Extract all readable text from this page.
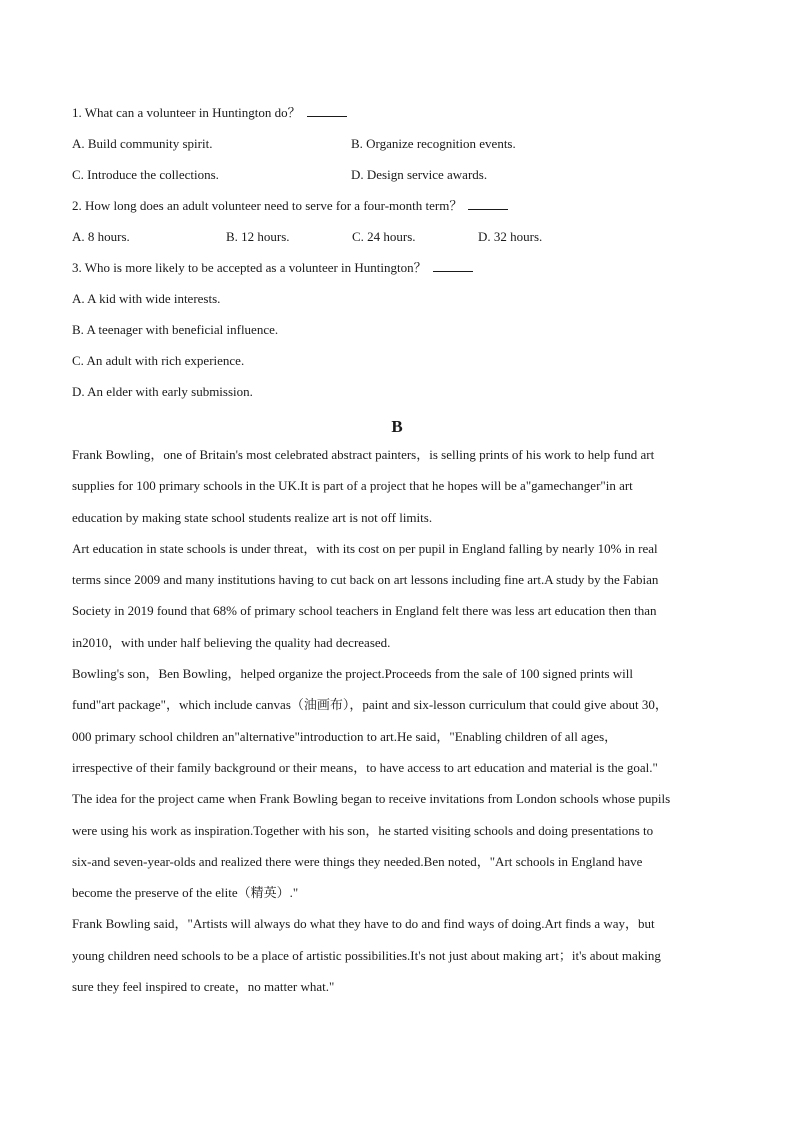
1. What can a volunteer in Huntington do？
A. Build community spirit.	B. Organize recognition events.
C. Introduce the collections.	D. Design service awards.
2. How long does an adult volunteer need to serve for a four-month term？
A. 8 hours.	B. 12 hours.	C. 24 hours.	D. 32 hours.
3. Who is more likely to be accepted as a volunteer in Huntington？
A. A kid with wide interests.
B. A teenager with beneficial influence.
C. An adult with rich experience.
D. An elder with early submission.
B
Frank Bowling，one of Britain's most celebrated abstract painters，is selling prints of his work to help fund art
supplies for 100 primary schools in the UK.It is part of a project that he hopes will be a"gamechanger"in art
education by making state school students realize art is not off limits.
Art education in state schools is under threat，with its cost on per pupil in England falling by nearly 10% in real
terms since 2009 and many institutions having to cut back on art lessons including fine art.A study by the Fabian
Society in 2019 found that 68% of primary school teachers in England felt there was less art education then than
in2010，with under half believing the quality had decreased.
Bowling's son，Ben Bowling，helped organize the project.Proceeds from the sale of 100 signed prints will
fund"art package"，which include canvas（油画布），paint and six-lesson curriculum that could give about 30，
000 primary school children an"alternative"introduction to art.He said，"Enabling children of all ages，
irrespective of their family background or their means，to have access to art education and material is the goal."
The idea for the project came when Frank Bowling began to receive invitations from London schools whose pupils
were using his work as inspiration.Together with his son，he started visiting schools and doing presentations to
six-and seven-year-olds and realized there were things they needed.Ben noted，"Art schools in England have
become the preserve of the elite（精英）."
Frank Bowling said，"Artists will always do what they have to do and find ways of doing.Art finds a way，but
young children need schools to be a place of artistic possibilities.It's not just about making art；it's about making
sure they feel inspired to create，no matter what."
